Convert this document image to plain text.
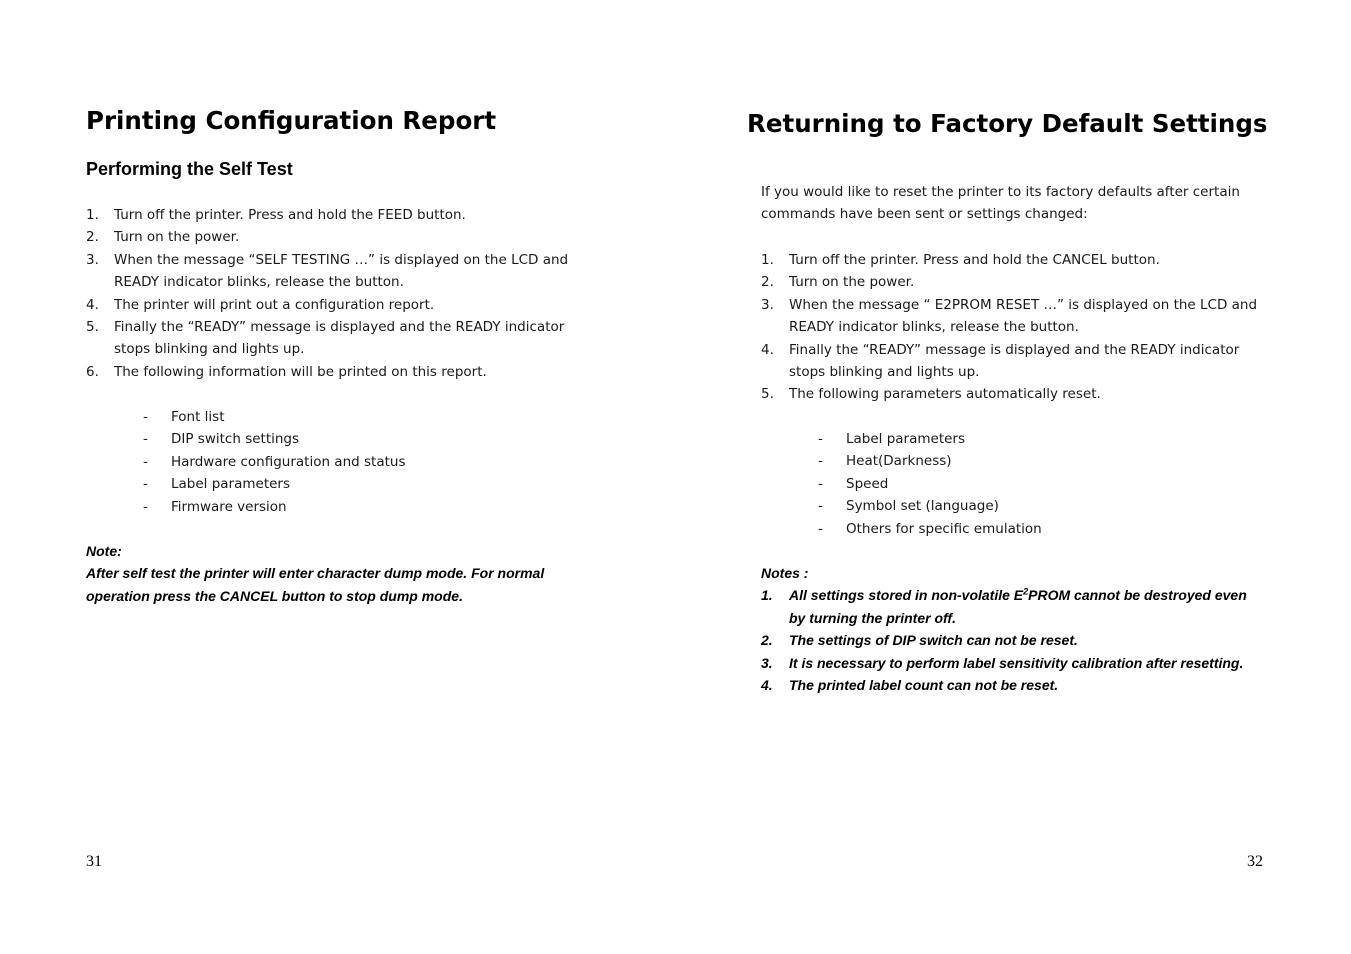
Printing Configuration Report
Performing the Self Test
1.	Turn off the printer. Press and hold the FEED button.
2.	Turn on the power.
3.	When the message “SELF TESTING …” is displayed on the LCD and
READY indicator blinks, release the button.
4.	The printer will print out a configuration report.
5.	Finally the “READY” message is displayed and the READY indicator
stops blinking and lights up.
6.	The following information will be printed on this report.
-	Font list
-	DIP switch settings
-	Hardware configuration and status
-	Label parameters
-	Firmware version

Note:

After self test the printer will enter character dump mode. For normal

operation press the CANCEL button to stop dump mode.

31
Returning to Factory Default Settings

If you would like to reset the printer to its factory defaults after certain

commands have been sent or settings changed:

1.	Turn off the printer. Press and hold the CANCEL button.
2.	Turn on the power.
3.	When the message “ E2PROM RESET …” is displayed on the LCD and
READY indicator blinks, release the button.
4.	Finally the “READY” message is displayed and the READY indicator
stops blinking and lights up.
5.	The following parameters automatically reset.
-	Label parameters
-	Heat(Darkness)
-	Speed
-	Symbol set (language)
-	Others for specific emulation

Notes :

1.	All settings stored in non-volatile $E^2PROM$ cannot be destroyed even
by turning the printer off.
2.	The settings of DIP switch can not be reset.
3.	It is necessary to perform label sensitivity calibration after resetting.
4.	The printed label count can not be reset.
32
